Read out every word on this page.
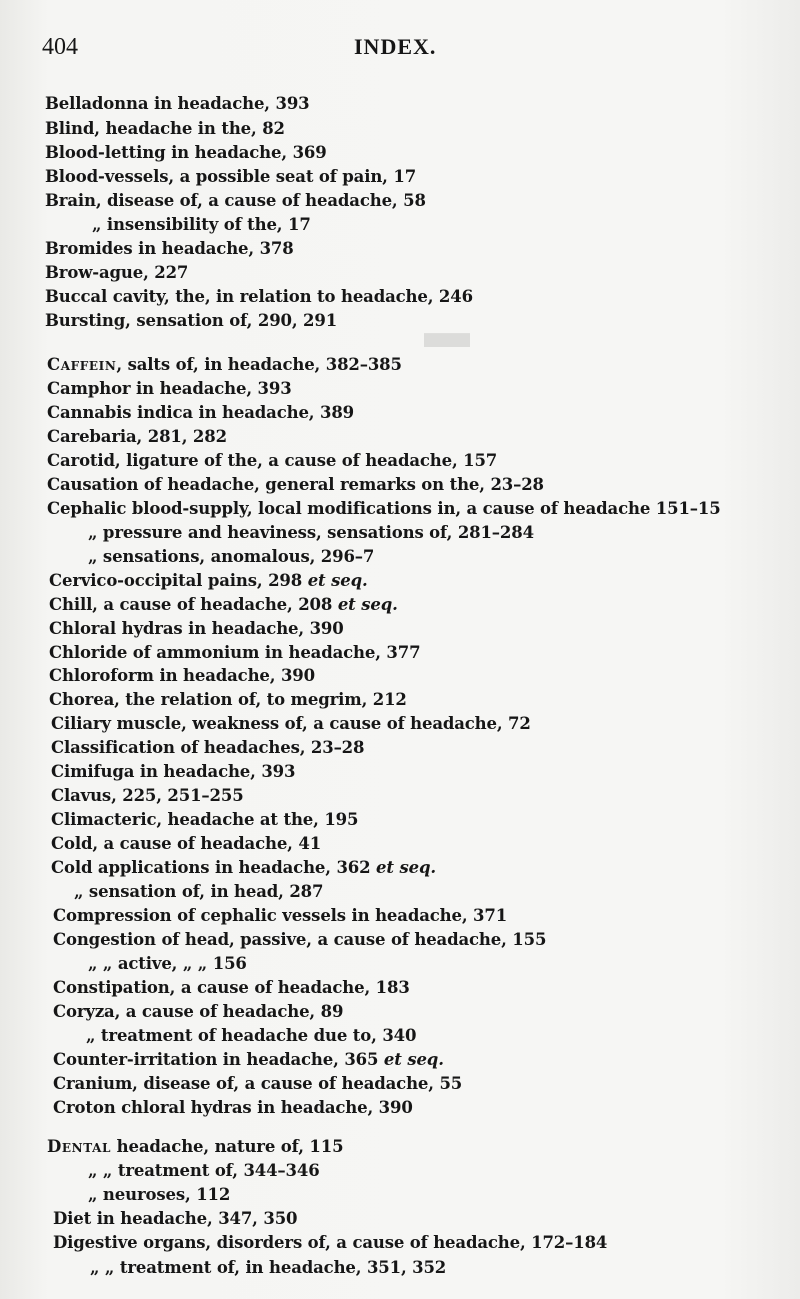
▬
404	INDEX.
Belladonna in headache, 393
Blind, headache in the, 82
Blood-letting in headache, 369
Blood-vessels, a possible seat of pain, 17
Brain, disease of, a cause of headache, 58
„ insensibility of the, 17
Bromides in headache, 378
Brow-ague, 227
Buccal cavity, the, in relation to headache, 246
Bursting, sensation of, 290, 291
Caffein, salts of, in headache, 382–385
Camphor in headache, 393
Cannabis indica in headache, 389
Carebaria, 281, 282
Carotid, ligature of the, a cause of headache, 157
Causation of headache, general remarks on the, 23–28
Cephalic blood-supply, local modifications in, a cause of headache 151–15
„ pressure and heaviness, sensations of, 281–284
„ sensations, anomalous, 296–7
Cervico-occipital pains, 298 et seq.
Chill, a cause of headache, 208 et seq.
Chloral hydras in headache, 390
Chloride of ammonium in headache, 377
Chloroform in headache, 390
Chorea, the relation of, to megrim, 212
Ciliary muscle, weakness of, a cause of headache, 72
Classification of headaches, 23–28
Cimifuga in headache, 393
Clavus, 225, 251–255
Climacteric, headache at the, 195
Cold, a cause of headache, 41
Cold applications in headache, 362 et seq.
„ sensation of, in head, 287
Compression of cephalic vessels in headache, 371
Congestion of head, passive, a cause of headache, 155
„ „ active, „ „ 156
Constipation, a cause of headache, 183
Coryza, a cause of headache, 89
„ treatment of headache due to, 340
Counter-irritation in headache, 365 et seq.
Cranium, disease of, a cause of headache, 55
Croton chloral hydras in headache, 390
Dental headache, nature of, 115
„ „ treatment of, 344–346
„ neuroses, 112
Diet in headache, 347, 350
Digestive organs, disorders of, a cause of headache, 172–184
„ „ treatment of, in headache, 351, 352
